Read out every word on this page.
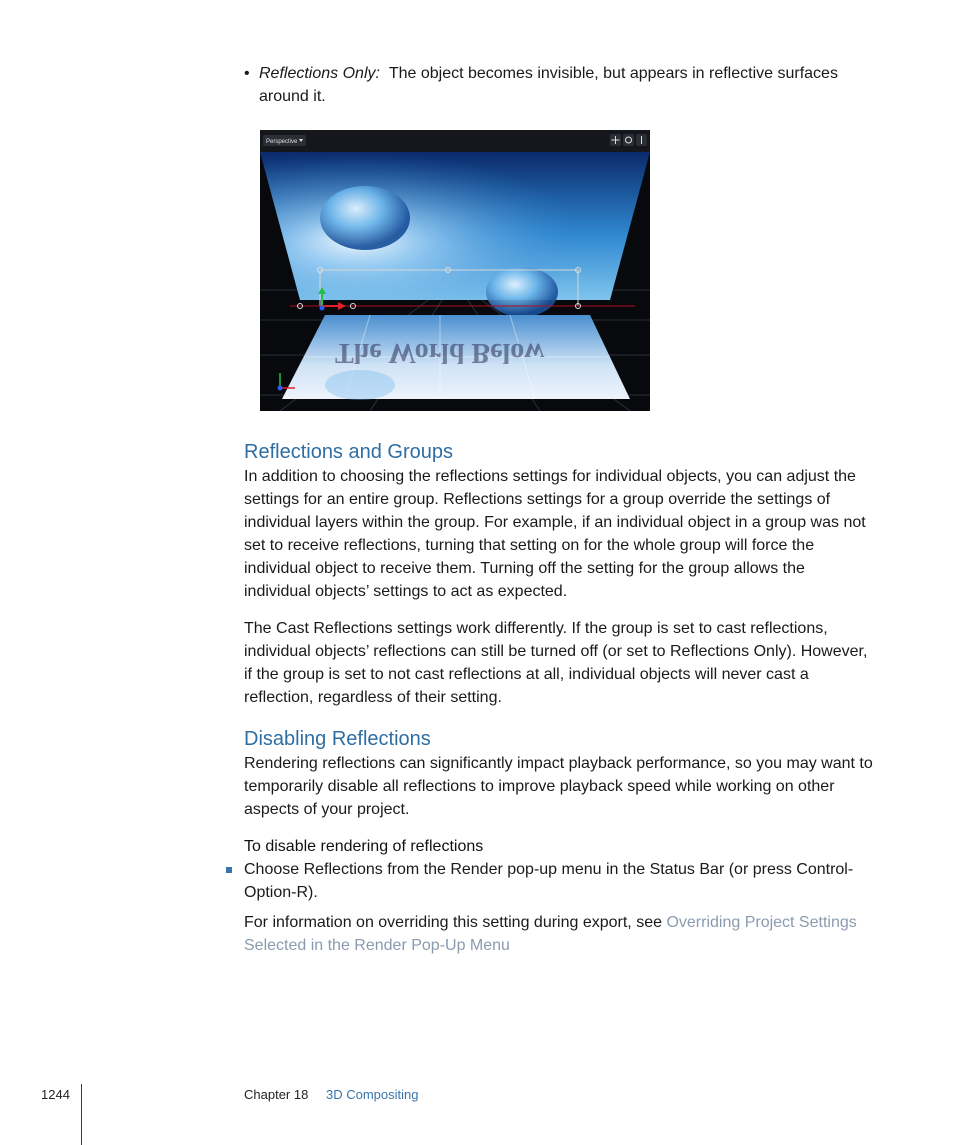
• Reflections Only: The object becomes invisible, but appears in reflective surfaces around it.
The World Below
Perspective
Reflections and Groups
In addition to choosing the reflections settings for individual objects, you can adjust the settings for an entire group. Reflections settings for a group override the settings of individual layers within the group. For example, if an individual object in a group was not set to receive reflections, turning that setting on for the whole group will force the individual object to receive them. Turning off the setting for the group allows the individual objects’ settings to act as expected.
The Cast Reflections settings work differently. If the group is set to cast reflections, individual objects’ reflections can still be turned off (or set to Reflections Only). However, if the group is set to not cast reflections at all, individual objects will never cast a reflection, regardless of their setting.
Disabling Reflections
Rendering reflections can significantly impact playback performance, so you may want to temporarily disable all reflections to improve playback speed while working on other aspects of your project.
To disable rendering of reflections
Choose Reflections from the Render pop-up menu in the Status Bar (or press Control-Option-R).
For information on overriding this setting during export, see Overriding Project Settings Selected in the Render Pop-Up Menu
1244	Chapter 18 3D Compositing
